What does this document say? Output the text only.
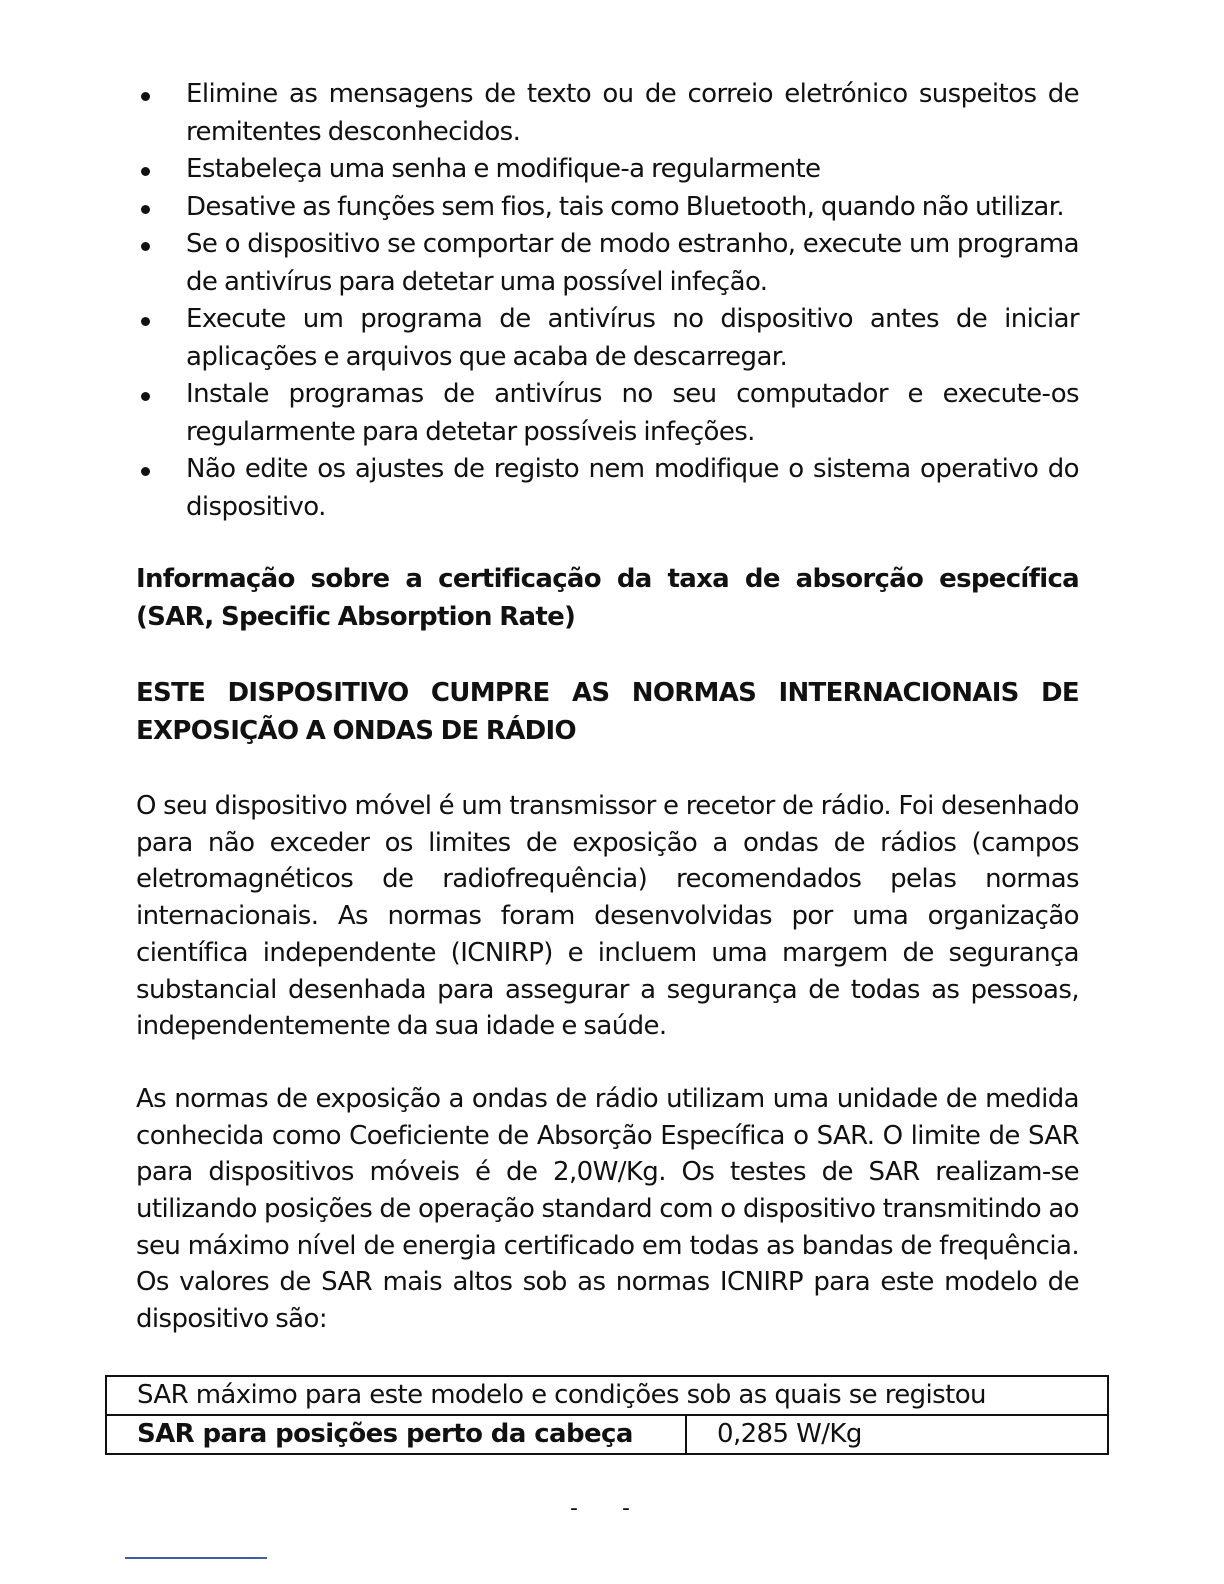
Elimine as mensagens de texto ou de correio eletrónico suspeitos de remitentes desconhecidos.
Estabeleça uma senha e modifique-a regularmente
Desative as funções sem fios, tais como Bluetooth, quando não utilizar.
Se o dispositivo se comportar de modo estranho, execute um programa de antivírus para detetar uma possível infeção.
Execute um programa de antivírus no dispositivo antes de iniciar aplicações e arquivos que acaba de descarregar.
Instale programas de antivírus no seu computador e execute-os regularmente para detetar possíveis infeções.
Não edite os ajustes de registo nem modifique o sistema operativo do dispositivo.
Informação sobre a certificação da taxa de absorção específica (SAR, Specific Absorption Rate)
ESTE DISPOSITIVO CUMPRE AS NORMAS INTERNACIONAIS DE EXPOSIÇÃO A ONDAS DE RÁDIO

O seu dispositivo móvel é um transmissor e recetor de rádio. Foi desenhado para não exceder os limites de exposição a ondas de rádios (campos eletromagnéticos de radiofrequência) recomendados pelas normas internacionais. As normas foram desenvolvidas por uma organização científica independente (ICNIRP) e incluem uma margem de segurança substancial desenhada para assegurar a segurança de todas as pessoas, independentemente da sua idade e saúde.

As normas de exposição a ondas de rádio utilizam uma unidade de medida conhecida como Coeficiente de Absorção Específica o SAR. O limite de SAR para dispositivos móveis é de 2,0W/Kg. Os testes de SAR realizam-se utilizando posições de operação standard com o dispositivo transmitindo ao seu máximo nível de energia certificado em todas as bandas de frequência. Os valores de SAR mais altos sob as normas ICNIRP para este modelo de dispositivo são:

SAR máximo para este modelo e condições sob as quais se registou
SAR para posições perto da cabeça	0,285 W/Kg
- -
